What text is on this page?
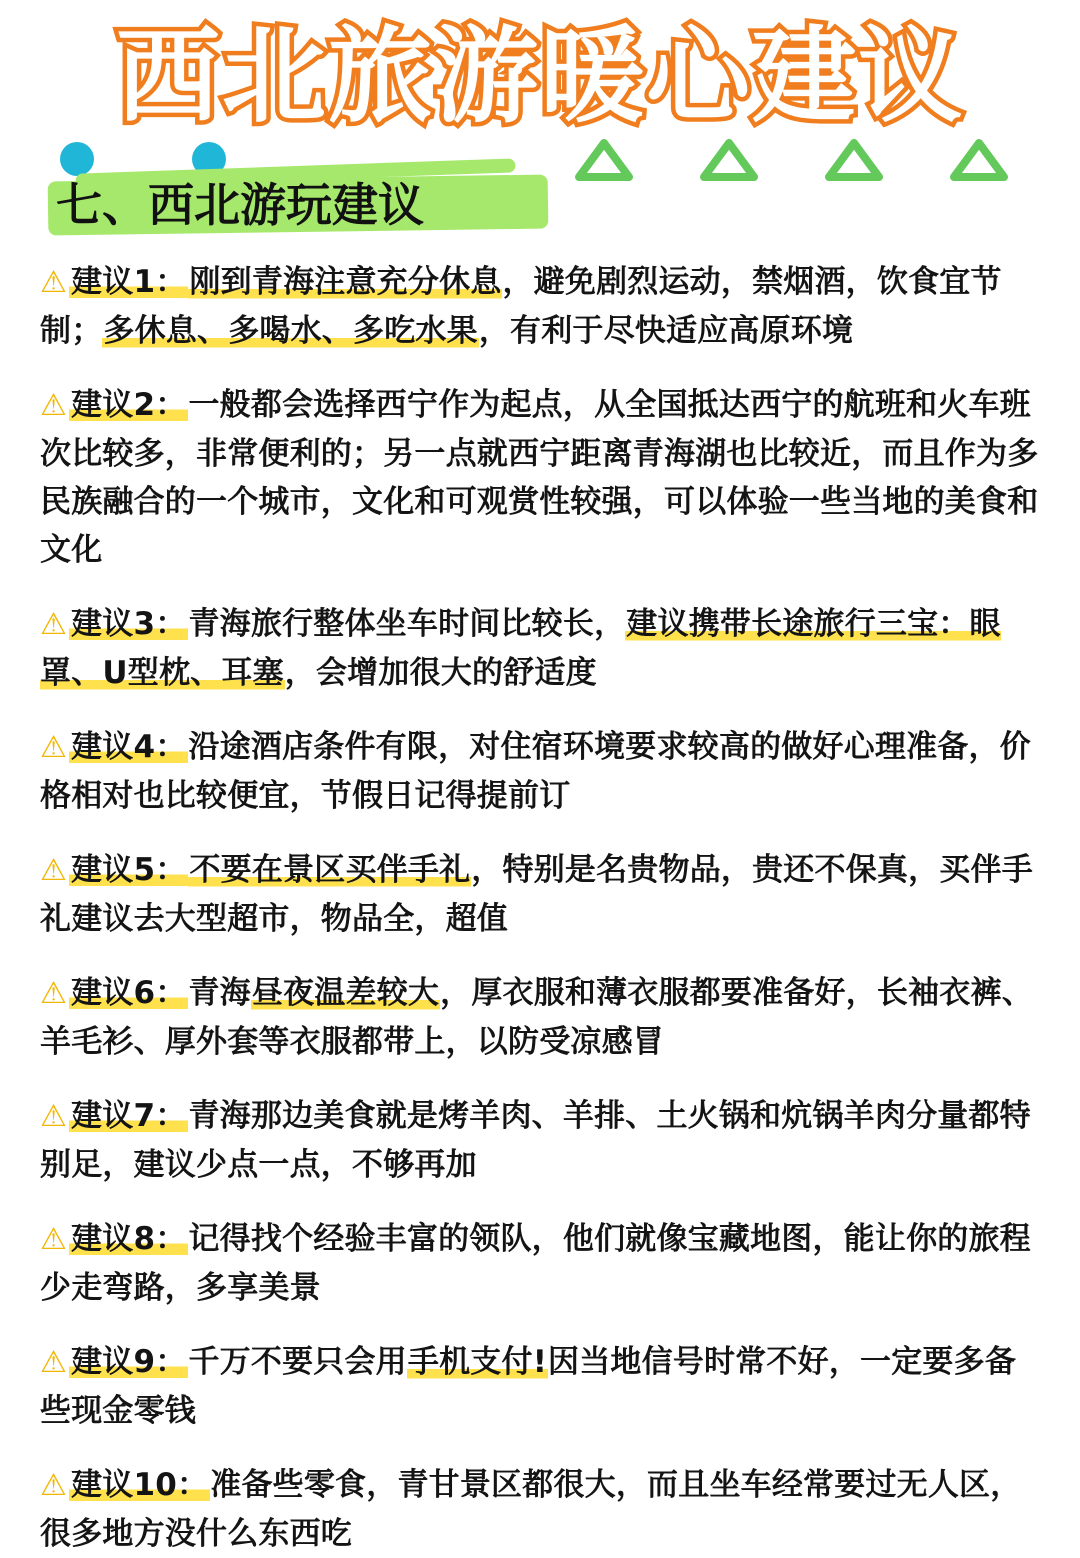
西北旅游暖心建议
七、西北游玩建议

⚠ 建议1：刚到青海注意充分休息，避免剧烈运动，禁烟酒，饮食宜节制；多休息、多喝水、多吃水果，有利于尽快适应高原环境

⚠ 建议2：一般都会选择西宁作为起点，从全国抵达西宁的航班和火车班次比较多，非常便利的；另一点就西宁距离青海湖也比较近，而且作为多民族融合的一个城市，文化和可观赏性较强，可以体验一些当地的美食和文化

⚠ 建议3：青海旅行整体坐车时间比较长，建议携带长途旅行三宝：眼罩、U型枕、耳塞，会增加很大的舒适度

⚠ 建议4：沿途酒店条件有限，对住宿环境要求较高的做好心理准备，价格相对也比较便宜，节假日记得提前订

⚠ 建议5：不要在景区买伴手礼，特别是名贵物品，贵还不保真，买伴手礼建议去大型超市，物品全，超值

⚠ 建议6：青海昼夜温差较大，厚衣服和薄衣服都要准备好，长袖衣裤、羊毛衫、厚外套等衣服都带上，以防受凉感冒

⚠ 建议7：青海那边美食就是烤羊肉、羊排、土火锅和炕锅羊肉分量都特别足，建议少点一点，不够再加

⚠ 建议8：记得找个经验丰富的领队，他们就像宝藏地图，能让你的旅程少走弯路，多享美景

⚠ 建议9：千万不要只会用手机支付!因当地信号时常不好，一定要多备些现金零钱

⚠ 建议10：准备些零食，青甘景区都很大，而且坐车经常要过无人区，很多地方没什么东西吃
